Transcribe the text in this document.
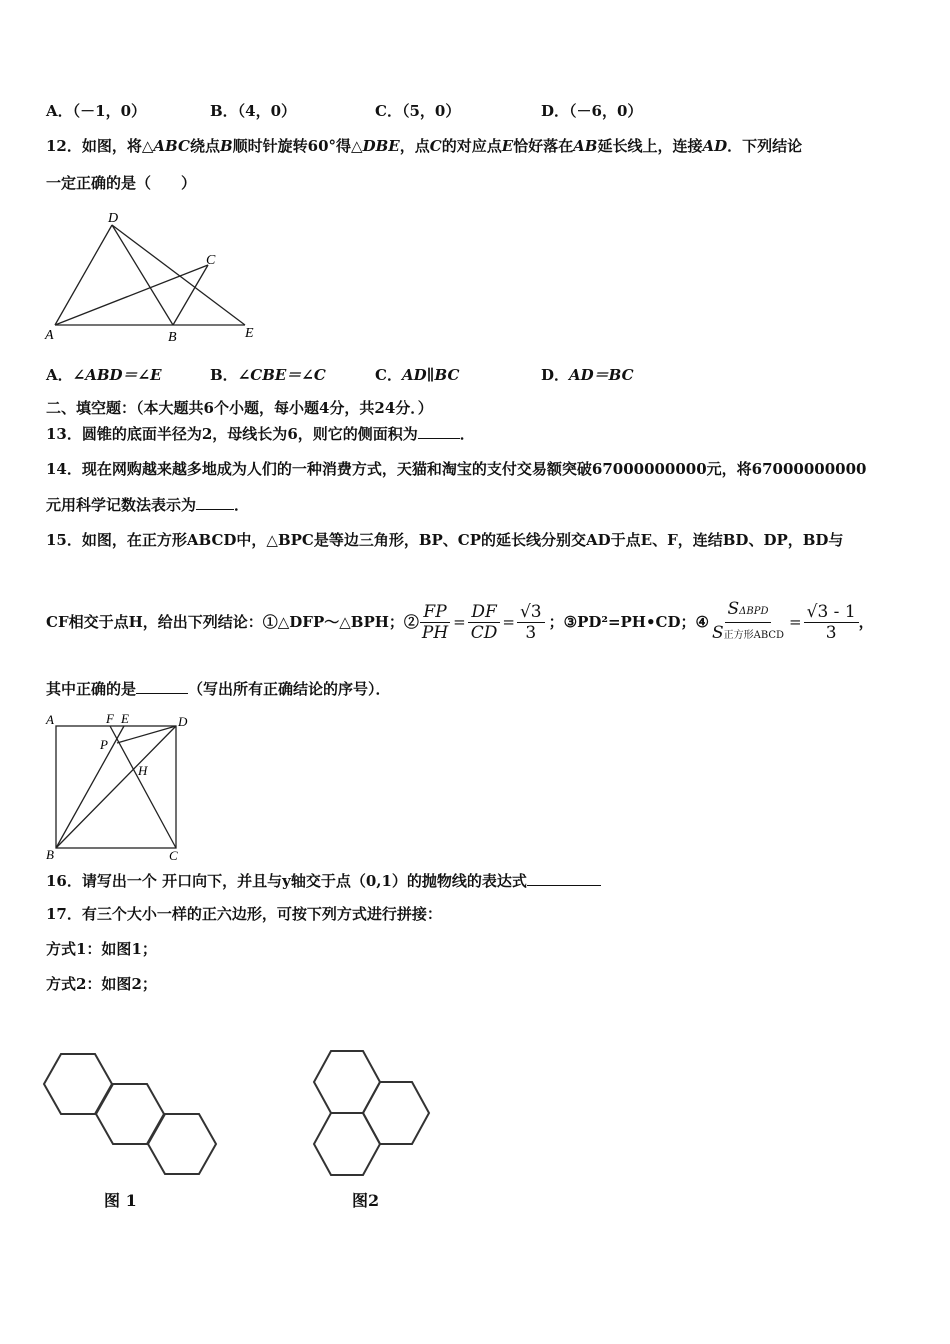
A．（－1，0）	B．（4，0）	C．（5，0）	D．（－6，0）
12．如图，将△ABC绕点B顺时针旋转60°得△DBE，点C的对应点E恰好落在AB延长线上，连接AD．下列结论
一定正确的是（　　）
D
C
A	B	E
A．∠ABD＝∠E	B．∠CBE＝∠C	C．AD∥BC	D．AD＝BC
二、填空题：（本大题共6个小题，每小题4分，共24分．）
13．圆锥的底面半径为2，母线长为6，则它的侧面积为	．
14．现在网购越来越多地成为人们的一种消费方式，天猫和淘宝的支付交易额突破67000000000元，将67000000000
元用科学记数法表示为	．
15．如图，在正方形ABCD中，△BPC是等边三角形，BP、CP的延长线分别交AD于点E、F，连结BD、DP，BD与
CF相交于点H，给出下列结论：①△DFP～△BPH；② $\frac{FP}{PH} = \frac{DF}{CD} = \frac{√3}{3}$ ； ③PD²=PH•CD；④ $\frac{\text{SΔBPD}}{\text{S正方形ABCD}} = \frac{√3 - 1}{3}$ ，
其中正确的是	（写出所有正确结论的序号）．
A	F E	D
P
H
B	C
16．请写出一个 开口向下，并且与y轴交于点（0,1）的抛物线的表达式
17．有三个大小一样的正六边形，可按下列方式进行拼接：
方式1：如图1；
方式2：如图2；
图 1	图2
